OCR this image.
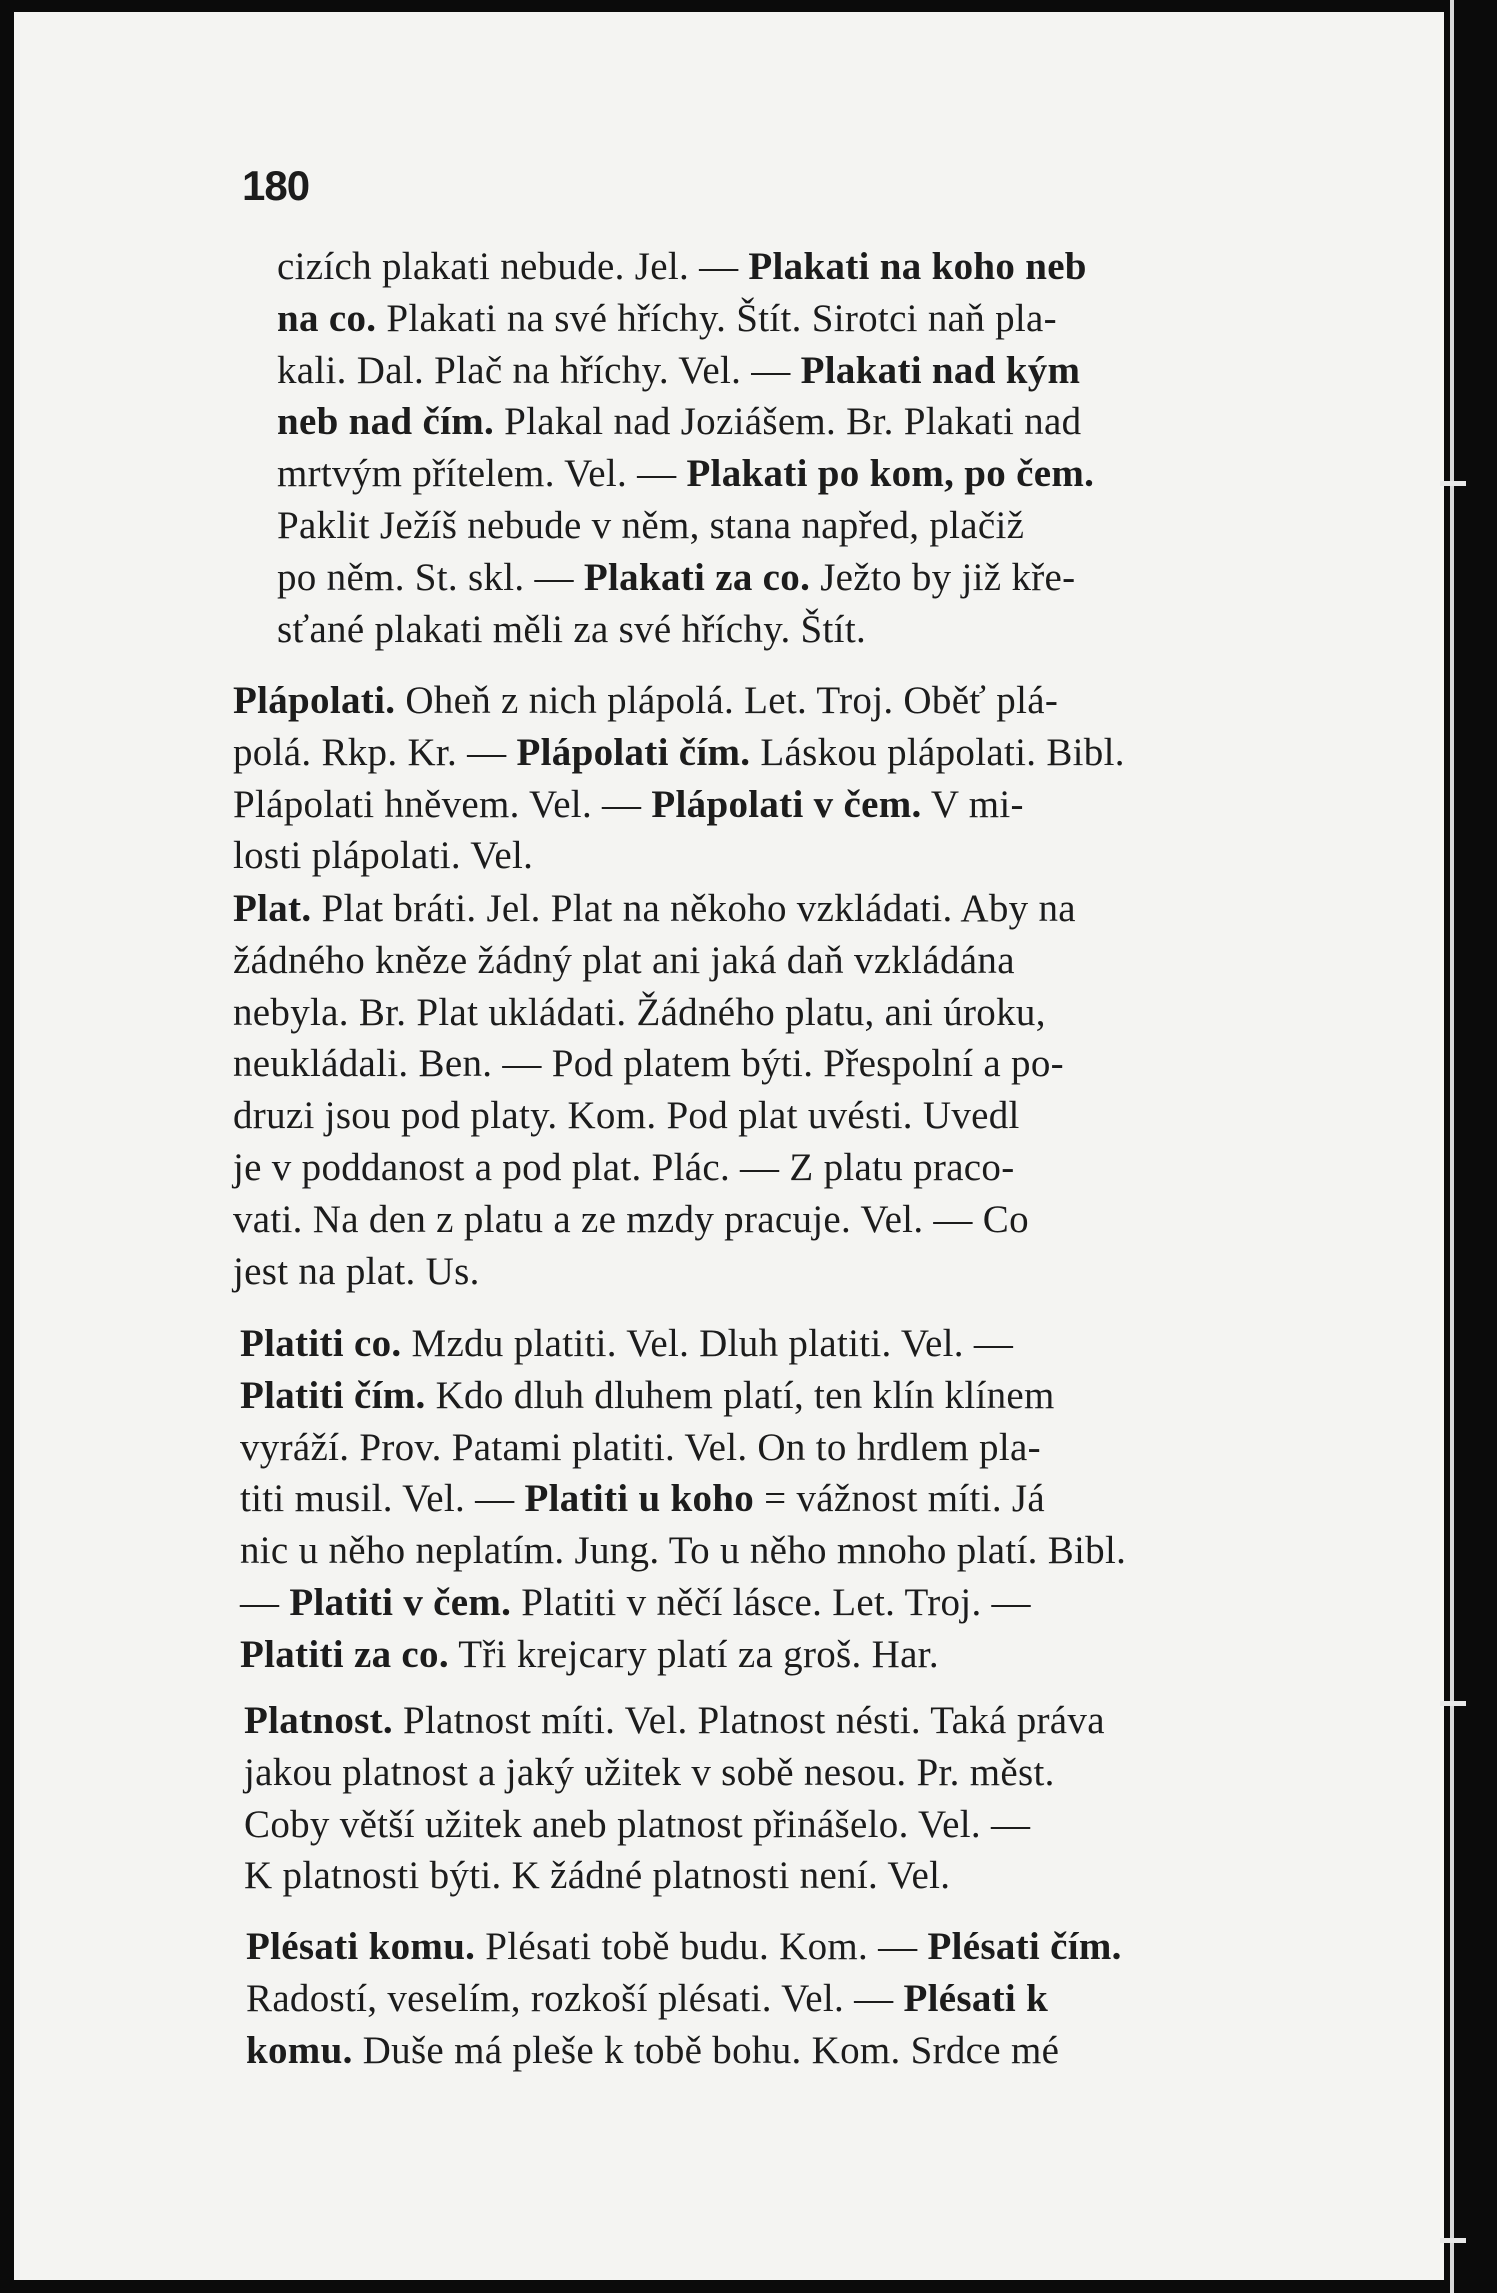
180
cizích plakati nebude. Jel. — Plakati na koho neb
na co. Plakati na své hříchy. Štít. Sirotci naň pla-
kali. Dal. Plač na hříchy. Vel. — Plakati nad kým
neb nad čím. Plakal nad Joziášem. Br. Plakati nad
mrtvým přítelem. Vel. — Plakati po kom, po čem.
Paklit Ježíš nebude v něm, stana napřed, plačiž
po něm. St. skl. — Plakati za co. Ježto by již kře-
sťané plakati měli za své hříchy. Štít.
Plápolati. Oheň z nich plápolá. Let. Troj. Oběť plá-
polá. Rkp. Kr. — Plápolati čím. Láskou plápolati. Bibl.
Plápolati hněvem. Vel. — Plápolati v čem. V mi-
losti plápolati. Vel.
Plat. Plat bráti. Jel. Plat na někoho vzkládati. Aby na
žádného kněze žádný plat ani jaká daň vzkládána
nebyla. Br. Plat ukládati. Žádného platu, ani úroku,
neukládali. Ben. — Pod platem býti. Přespolní a po-
druzi jsou pod platy. Kom. Pod plat uvésti. Uvedl
je v poddanost a pod plat. Plác. — Z platu praco-
vati. Na den z platu a ze mzdy pracuje. Vel. — Co
jest na plat. Us.
Platiti co. Mzdu platiti. Vel. Dluh platiti. Vel. —
Platiti čím. Kdo dluh dluhem platí, ten klín klínem
vyráží. Prov. Patami platiti. Vel. On to hrdlem pla-
titi musil. Vel. — Platiti u koho = vážnost míti. Já
nic u něho neplatím. Jung. To u něho mnoho platí. Bibl.
— Platiti v čem. Platiti v něčí lásce. Let. Troj. —
Platiti za co. Tři krejcary platí za groš. Har.
Platnost. Platnost míti. Vel. Platnost nésti. Taká práva
jakou platnost a jaký užitek v sobě nesou. Pr. měst.
Coby větší užitek aneb platnost přinášelo. Vel. —
K platnosti býti. K žádné platnosti není. Vel.
Plésati komu. Plésati tobě budu. Kom. — Plésati čím.
Radostí, veselím, rozkoší plésati. Vel. — Plésati k
komu. Duše má pleše k tobě bohu. Kom. Srdce mé
